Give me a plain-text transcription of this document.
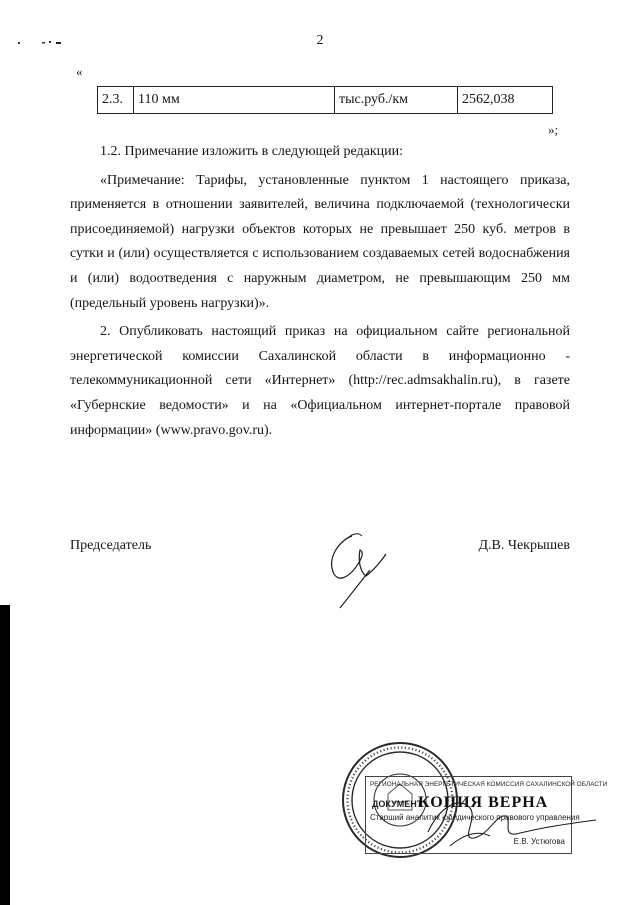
2
«
2.3.	110 мм	тыс.руб./км	2562,038
»;

1.2. Примечание изложить в следующей редакции:

«Примечание: Тарифы, установленные пунктом 1 настоящего приказа, применяется в отношении заявителей, величина подключаемой (технологически присоединяемой) нагрузки объектов которых не превышает 250 куб. метров в сутки и (или) осуществляется с использованием создаваемых сетей водоснабжения и (или) водоотведения с наружным диаметром, не превышающим 250 мм (предельный уровень нагрузки)».

2. Опубликовать настоящий приказ на официальном сайте региональной энергетической комиссии Сахалинской области в информационно - телекоммуникационной сети «Интернет» (http://rec.admsakhalin.ru), в газете «Губернские ведомости» и на «Официальном интернет-портале правовой информации» (www.pravo.gov.ru).

Председатель	Д.В. Чекрышев
РЕГИОНАЛЬНАЯ ЭНЕРГЕТИЧЕСКАЯ КОМИССИЯ САХАЛИНСКОЙ ОБЛАСТИ
ДОКУМЕНТ
КОПИЯ ВЕРНА
Старший аналитик юридического правового управления
Е.В. Устюгова
